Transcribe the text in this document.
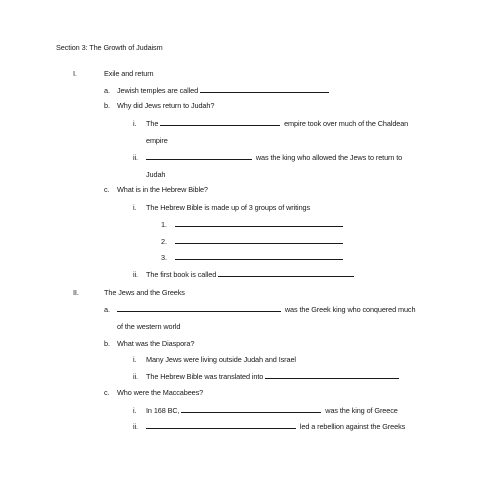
Section 3: The Growth of Judaism
I.	Exile and return
a. Jewish temples are called
b. Why did Jews return to Judah?
i. The	empire took over much of the Chaldean
empire
ii.	was the king who allowed the Jews to return to
Judah
c. What is in the Hebrew Bible?
i. The Hebrew Bible is made up of 3 groups of writings
1.
2.
3.
ii. The first book is called
II.	The Jews and the Greeks
a.	was the Greek king who conquered much
of the western world
b. What was the Diaspora?
i. Many Jews were living outside Judah and Israel
ii. The Hebrew Bible was translated into
c. Who were the Maccabees?
i. In 168 BC,	was the king of Greece
ii.	led a rebellion against the Greeks
